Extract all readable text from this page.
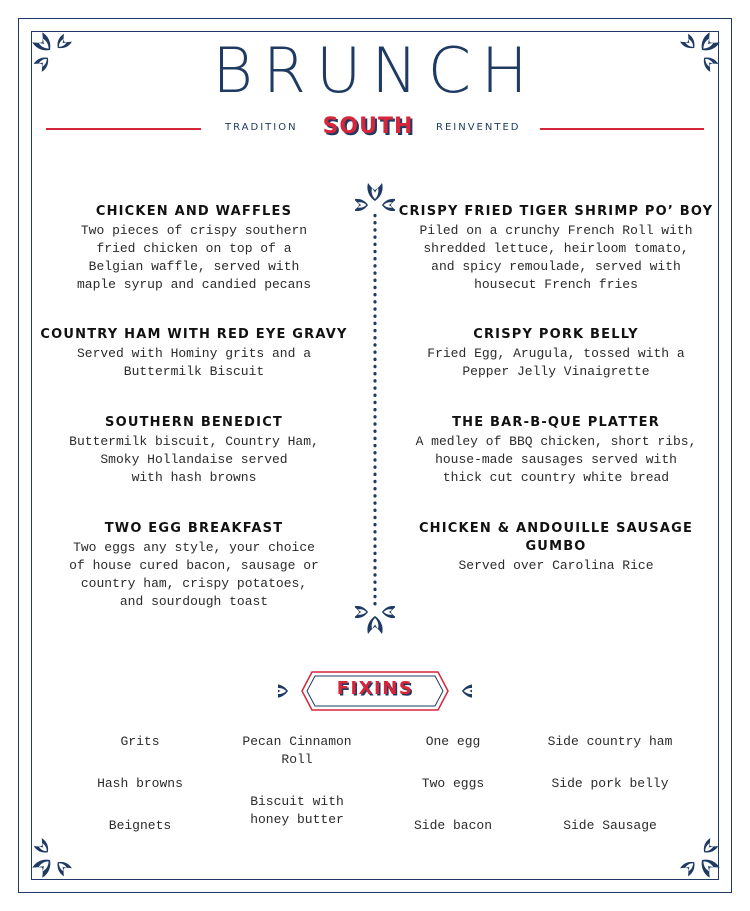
BRUNCH
TRADITION	SOUTH	REINVENTED
CHICKEN AND WAFFLES
Two pieces of crispy southern
fried chicken on top of a
Belgian waffle, served with
maple syrup and candied pecans
COUNTRY HAM WITH RED EYE GRAVY
Served with Hominy grits and a
Buttermilk Biscuit
SOUTHERN BENEDICT
Buttermilk biscuit, Country Ham,
Smoky Hollandaise served
with hash browns
TWO EGG BREAKFAST
Two eggs any style, your choice
of house cured bacon, sausage or
country ham, crispy potatoes,
and sourdough toast
CRISPY FRIED TIGER SHRIMP PO’ BOY
Piled on a crunchy French Roll with
shredded lettuce, heirloom tomato,
and spicy remoulade, served with
housecut French fries
CRISPY PORK BELLY
Fried Egg, Arugula, tossed with a
Pepper Jelly Vinaigrette
THE BAR-B-QUE PLATTER
A medley of BBQ chicken, short ribs,
house-made sausages served with
thick cut country white bread
CHICKEN & ANDOUILLE SAUSAGE
GUMBO
Served over Carolina Rice
FIXINS
Grits
Hash browns
Beignets
Pecan Cinnamon
Roll
Biscuit with
honey butter
One egg
Two eggs
Side bacon
Side country ham
Side pork belly
Side Sausage
